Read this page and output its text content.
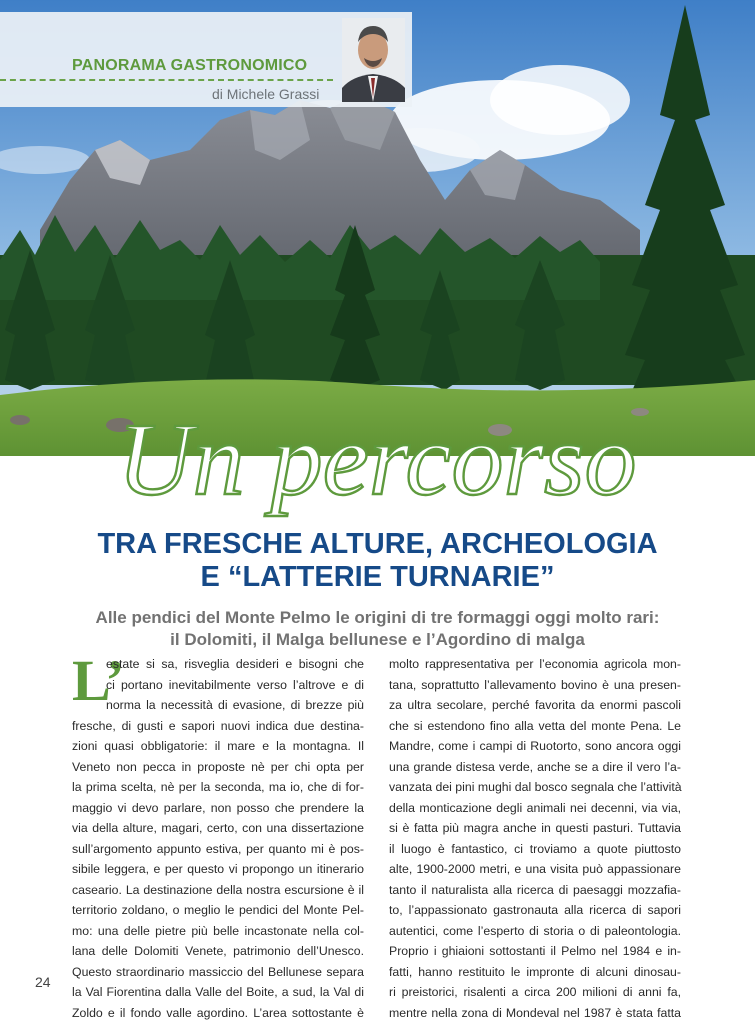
PANORAMA GASTRONOMICO
di Michele Grassi
Un percorso
TRA FRESCHE ALTURE, ARCHEOLOGIA
E “LATTERIE TURNARIE”
Alle pendici del Monte Pelmo le origini di tre formaggi oggi molto rari:
il Dolomiti, il Malga bellunese e l’Agordino di malga
L’
estate si sa, risveglia desideri e bisogni che
ci portano inevitabilmente verso l’altrove e di
norma la necessità di evasione, di brezze più
fresche, di gusti e sapori nuovi indica due destina-
zioni quasi obbligatorie: il mare e la montagna. Il
Veneto non pecca in proposte nè per chi opta per
la prima scelta, nè per la seconda, ma io, che di for-
maggio vi devo parlare, non posso che prendere la
via della alture, magari, certo, con una dissertazione
sull’argomento appunto estiva, per quanto mi è pos-
sibile leggera, e per questo vi propongo un itinerario
caseario. La destinazione della nostra escursione è il
territorio zoldano, o meglio le pendici del Monte Pel-
mo: una delle pietre più belle incastonate nella col-
lana delle Dolomiti Venete, patrimonio dell’Unesco.
Questo straordinario massiccio del Bellunese separa
la Val Fiorentina dalla Valle del Boite, a sud, la Val di
Zoldo e il fondo valle agordino. L’area sottostante è
molto rappresentativa per l’economia agricola mon-
tana, soprattutto l’allevamento bovino è una presen-
za ultra secolare, perché favorita da enormi pascoli
che si estendono fino alla vetta del monte Pena. Le
Mandre, come i campi di Ruotorto, sono ancora oggi
una grande distesa verde, anche se a dire il vero l’a-
vanzata dei pini mughi dal bosco segnala che l’attività
della monticazione degli animali nei decenni, via via,
si è fatta più magra anche in questi pasturi. Tuttavia
il luogo è fantastico, ci troviamo a quote piuttosto
alte, 1900-2000 metri, e una visita può appassionare
tanto il naturalista alla ricerca di paesaggi mozzafia-
to, l’appassionato gastronauta alla ricerca di sapori
autentici, come l’esperto di storia o di paleontologia.
Proprio i ghiaioni sottostanti il Pelmo nel 1984 e in-
fatti, hanno restituito le impronte di alcuni dinosau-
ri preistorici, risalenti a circa 200 milioni di anni fa,
mentre nella zona di Mondeval nel 1987 è stata fatta
24
